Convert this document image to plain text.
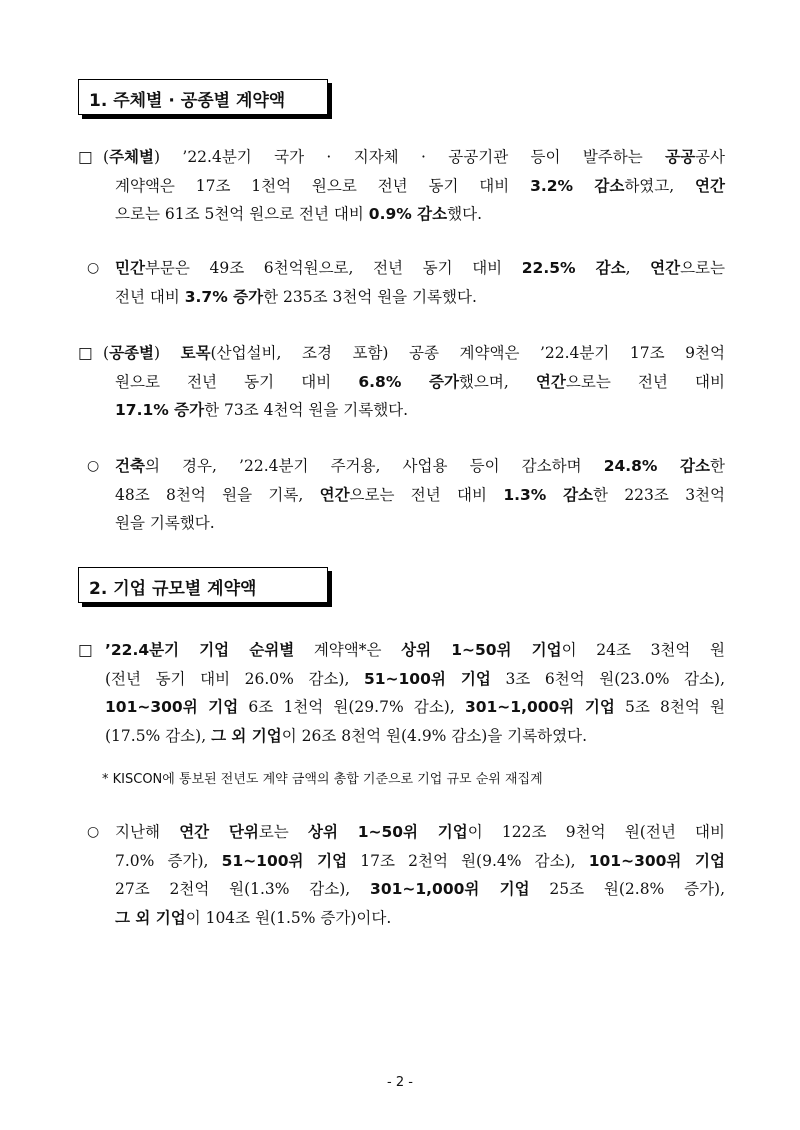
1. 주체별 · 공종별 계약액
□ (주체별) ’22.4분기 국가 · 지자체 · 공공기관 등이 발주하는 공공공사
계약액은 17조 1천억 원으로 전년 동기 대비 3.2% 감소하였고, 연간
으로는 61조 5천억 원으로 전년 대비 0.9% 감소했다.
○ 민간부문은 49조 6천억원으로, 전년 동기 대비 22.5% 감소, 연간으로는
전년 대비 3.7% 증가한 235조 3천억 원을 기록했다.
□ (공종별) 토목(산업설비, 조경 포함) 공종 계약액은 ’22.4분기 17조 9천억
원으로 전년 동기 대비 6.8% 증가했으며, 연간으로는 전년 대비
17.1% 증가한 73조 4천억 원을 기록했다.
○ 건축의 경우, ’22.4분기 주거용, 사업용 등이 감소하며 24.8% 감소한
48조 8천억 원을 기록, 연간으로는 전년 대비 1.3% 감소한 223조 3천억
원을 기록했다.
2. 기업 규모별 계약액
□ ’22.4분기 기업 순위별 계약액*은 상위 1~50위 기업이 24조 3천억 원
(전년 동기 대비 26.0% 감소), 51~100위 기업 3조 6천억 원(23.0% 감소),
101~300위 기업 6조 1천억 원(29.7% 감소), 301~1,000위 기업 5조 8천억 원
(17.5% 감소), 그 외 기업이 26조 8천억 원(4.9% 감소)을 기록하였다.
* KISCON에 통보된 전년도 계약 금액의 총합 기준으로 기업 규모 순위 재집계
○ 지난해 연간 단위로는 상위 1~50위 기업이 122조 9천억 원(전년 대비
7.0% 증가), 51~100위 기업 17조 2천억 원(9.4% 감소), 101~300위 기업
27조 2천억 원(1.3% 감소), 301~1,000위 기업 25조 원(2.8% 증가),
그 외 기업이 104조 원(1.5% 증가)이다.
- 2 -
